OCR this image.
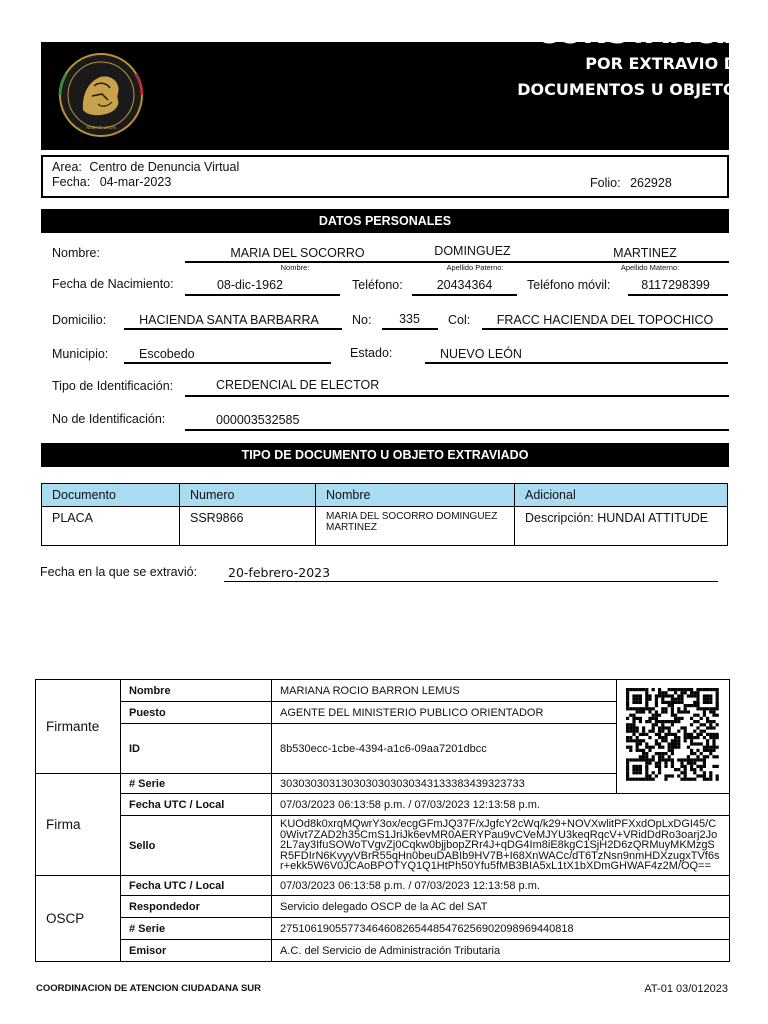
NUEVO LEÓN
CONSTANCIA
POR EXTRAVIO DE
DOCUMENTOS U OBJETOS
Area: Centro de Denuncia Virtual
Fecha: 04-mar-2023	Folio: 262928
DATOS PERSONALES
Nombre:	MARIA DEL SOCORRO	DOMINGUEZ	MARTINEZ
Nombre:	Apellido Paterno:	Apellido Materno:
Fecha de Nacimiento:	08-dic-1962	Teléfono:	20434364	Teléfono móvil:	8117298399
Domicilio:	HACIENDA SANTA BARBARRA	No:	335	Col:	FRACC HACIENDA DEL TOPOCHICO
Municipio: Escobedo	Estado:	NUEVO LEÓN
Tipo de Identificación:	CREDENCIAL DE ELECTOR
No de Identificación:	000003532585
TIPO DE DOCUMENTO U OBJETO EXTRAVIADO
Documento	Numero	Nombre	Adicional
PLACA	SSR9866	MARIA DEL SOCORRO DOMINGUEZ MARTINEZ	Descripción: HUNDAI ATTITUDE
Fecha en la que se extravió: 20-febrero-2023
Firmante	Nombre	MARIANA ROCIO BARRON LEMUS	
	Puesto	AGENTE DEL MINISTERIO PUBLICO ORIENTADOR	
	ID	8b530ecc-1cbe-4394-a1c6-09aa7201dbcc	
Firma	# Serie	3030303031303030303030343133383439323733	
	Fecha UTC / Local	07/03/2023 06:13:58 p.m. / 07/03/2023 12:13:58 p.m.	
	Sello	KUOd8k0xrqMQwrY3ox/ecgGFmJQ37F/xJgfcY2cWq/k29+NOVXwlitPFXxdOpLxDGI45/C0Wivt7ZAD2h35CmS1JriJk6evMR0AERYPau9vCVeMJYU3keqRqcV+VRidDdRo3oarj2Jo2L7ay3IfuSOWoTVgvZj0Cqkw0bjjbopZRr4J+qDG4Im8iE8kgC1SjH2D6zQRMuyMKMzgSR5FDIrN6KvyyVBrR55qHn0beuDABIb9HV7B+I68XnWACc/dT6TzNsn9nmHDXzugxTVf6sr+ekk5W6V0JCAoBPOTYQ1Q1HtPh50Yfu5fMB3BIA5xL1tX1bXDmGHWAF4z2M/OQ==	
OSCP	Fecha UTC / Local	07/03/2023 06:13:58 p.m. / 07/03/2023 12:13:58 p.m.	
	Respondedor	Servicio delegado OSCP de la AC del SAT	
	# Serie	275106190557734646082654485476256902098969440818	
	Emisor	A.C. del Servicio de Administración Tributaria	
COORDINACION DE ATENCION CIUDADANA SUR	AT-01 03/012023
